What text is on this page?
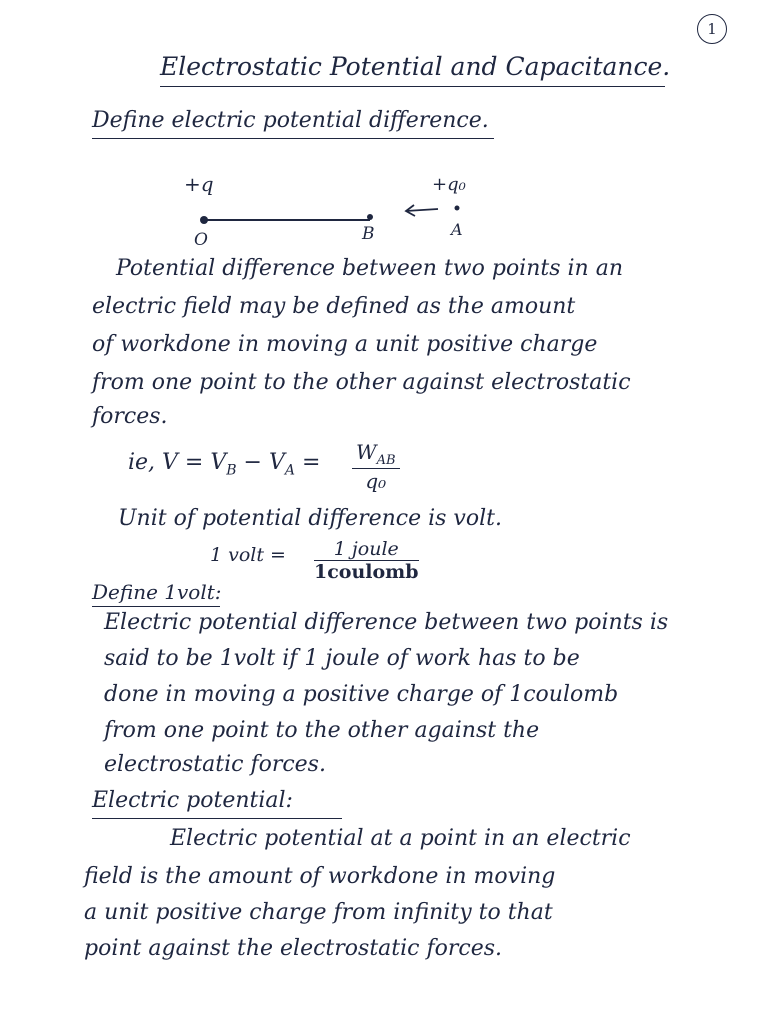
1
Electrostatic Potential and Capacitance.
Define electric potential difference.
+q	+q₀
O	B	A
Potential difference between two points in an
electric field may be defined as the amount
of workdone in moving a unit positive charge
from one point to the other against electrostatic
forces.
ie, $V = V_B - V_A = W_{AB}$
q₀
Unit of potential difference is volt.
1 volt =	1 joule
1coulomb
Define 1volt:
Electric potential difference between two points is
said to be 1volt if 1 joule of work has to be
done in moving a positive charge of 1coulomb
from one point to the other against the
electrostatic forces.
Electric potential:
Electric potential at a point in an electric
field is the amount of workdone in moving
a unit positive charge from infinity to that
point against the electrostatic forces.
